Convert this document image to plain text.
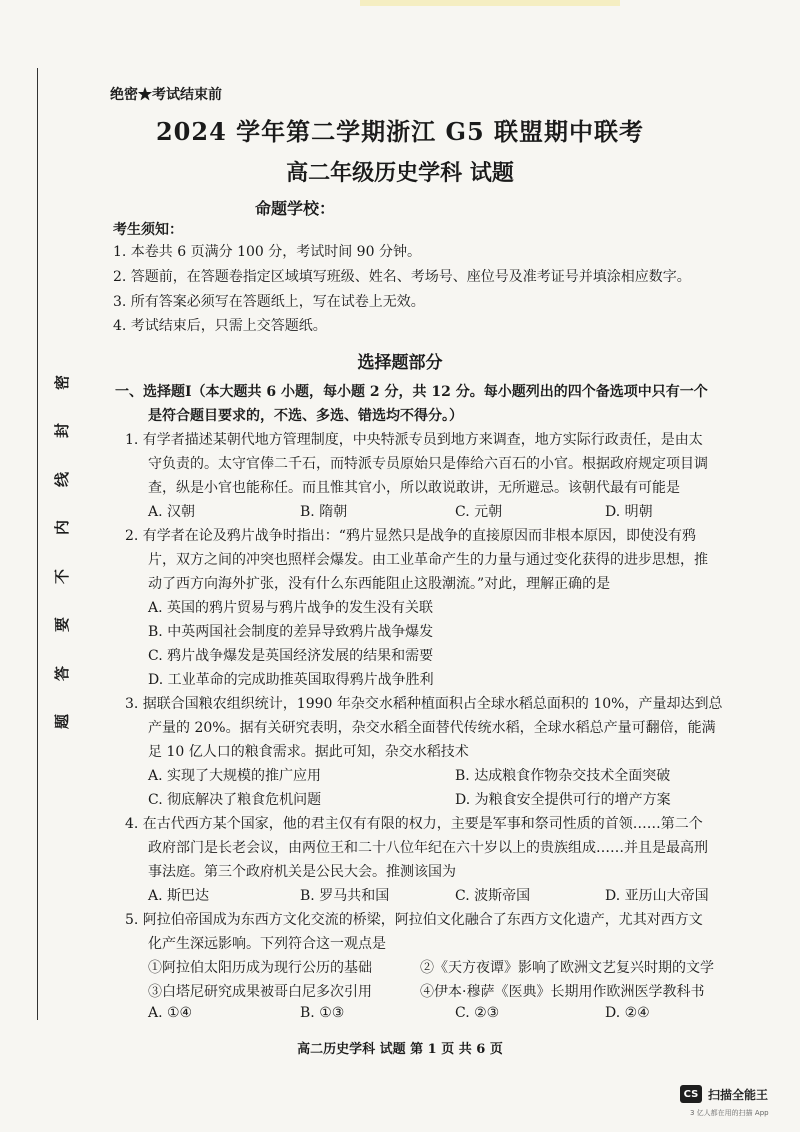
密
封
线
内
不
要
答
题
绝密★考试结束前
2024 学年第二学期浙江 G5 联盟期中联考
高二年级历史学科 试题
命题学校：
考生须知：
1. 本卷共 6 页满分 100 分，考试时间 90 分钟。
2. 答题前，在答题卷指定区域填写班级、姓名、考场号、座位号及准考证号并填涂相应数字。
3. 所有答案必须写在答题纸上，写在试卷上无效。
4. 考试结束后，只需上交答题纸。
选择题部分
一、选择题Ⅰ（本大题共 6 小题，每小题 2 分，共 12 分。每小题列出的四个备选项中只有一个
是符合题目要求的，不选、多选、错选均不得分。）
1. 有学者描述某朝代地方管理制度，中央特派专员到地方来调查，地方实际行政责任，是由太
守负责的。太守官俸二千石，而特派专员原始只是俸给六百石的小官。根据政府规定项目调
查，纵是小官也能称任。而且惟其官小，所以敢说敢讲，无所避忌。该朝代最有可能是
A. 汉朝	B. 隋朝	C. 元朝	D. 明朝
2. 有学者在论及鸦片战争时指出：“鸦片显然只是战争的直接原因而非根本原因，即使没有鸦
片，双方之间的冲突也照样会爆发。由工业革命产生的力量与通过变化获得的进步思想，推
动了西方向海外扩张，没有什么东西能阻止这股潮流。”对此，理解正确的是
A. 英国的鸦片贸易与鸦片战争的发生没有关联
B. 中英两国社会制度的差异导致鸦片战争爆发
C. 鸦片战争爆发是英国经济发展的结果和需要
D. 工业革命的完成助推英国取得鸦片战争胜利
3. 据联合国粮农组织统计，1990 年杂交水稻种植面积占全球水稻总面积的 10%，产量却达到总
产量的 20%。据有关研究表明，杂交水稻全面替代传统水稻，全球水稻总产量可翻倍，能满
足 10 亿人口的粮食需求。据此可知，杂交水稻技术
A. 实现了大规模的推广应用	B. 达成粮食作物杂交技术全面突破
C. 彻底解决了粮食危机问题	D. 为粮食安全提供可行的增产方案
4. 在古代西方某个国家，他的君主仅有有限的权力，主要是军事和祭司性质的首领……第二个
政府部门是长老会议，由两位王和二十八位年纪在六十岁以上的贵族组成……并且是最高刑
事法庭。第三个政府机关是公民大会。推测该国为
A. 斯巴达	B. 罗马共和国	C. 波斯帝国	D. 亚历山大帝国
5. 阿拉伯帝国成为东西方文化交流的桥梁，阿拉伯文化融合了东西方文化遗产，尤其对西方文
化产生深远影响。下列符合这一观点是
①阿拉伯太阳历成为现行公历的基础	②《天方夜谭》影响了欧洲文艺复兴时期的文学
③白塔尼研究成果被哥白尼多次引用	④伊本·穆萨《医典》长期用作欧洲医学教科书
A. ①④	B. ①③	C. ②③	D. ②④
高二历史学科 试题 第 1 页 共 6 页
CS 扫描全能王
3 亿人都在用的扫描 App
